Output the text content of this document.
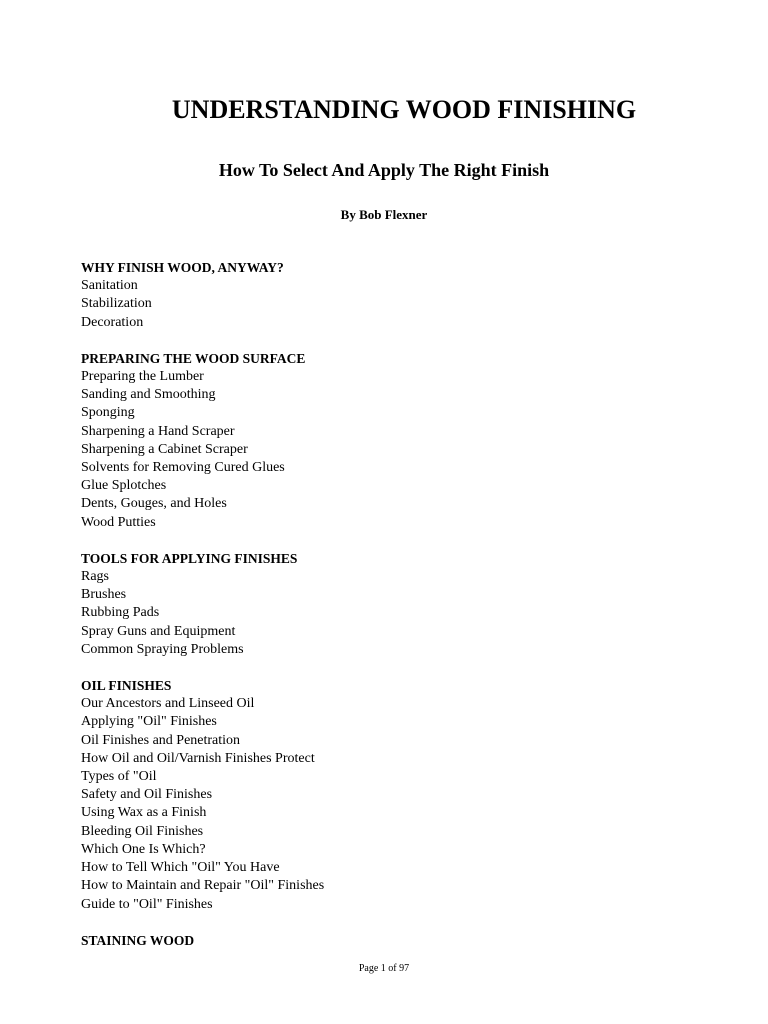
UNDERSTANDING WOOD FINISHING
How To Select And Apply The Right Finish
By Bob Flexner
WHY FINISH WOOD, ANYWAY?
Sanitation
Stabilization
Decoration
PREPARING THE WOOD SURFACE
Preparing the Lumber
Sanding and Smoothing
Sponging
Sharpening a Hand Scraper
Sharpening a Cabinet Scraper
Solvents for Removing Cured Glues
Glue Splotches
Dents, Gouges, and Holes
Wood Putties
TOOLS FOR APPLYING FINISHES
Rags
Brushes
Rubbing Pads
Spray Guns and Equipment
Common Spraying Problems
OIL FINISHES
Our Ancestors and Linseed Oil
Applying "Oil" Finishes
Oil Finishes and Penetration
How Oil and Oil/Varnish Finishes Protect
Types of "Oil
Safety and Oil Finishes
Using Wax as a Finish
Bleeding Oil Finishes
Which One Is Which?
How to Tell Which "Oil" You Have
How to Maintain and Repair "Oil" Finishes
Guide to "Oil" Finishes
STAINING WOOD
Page 1 of 97
